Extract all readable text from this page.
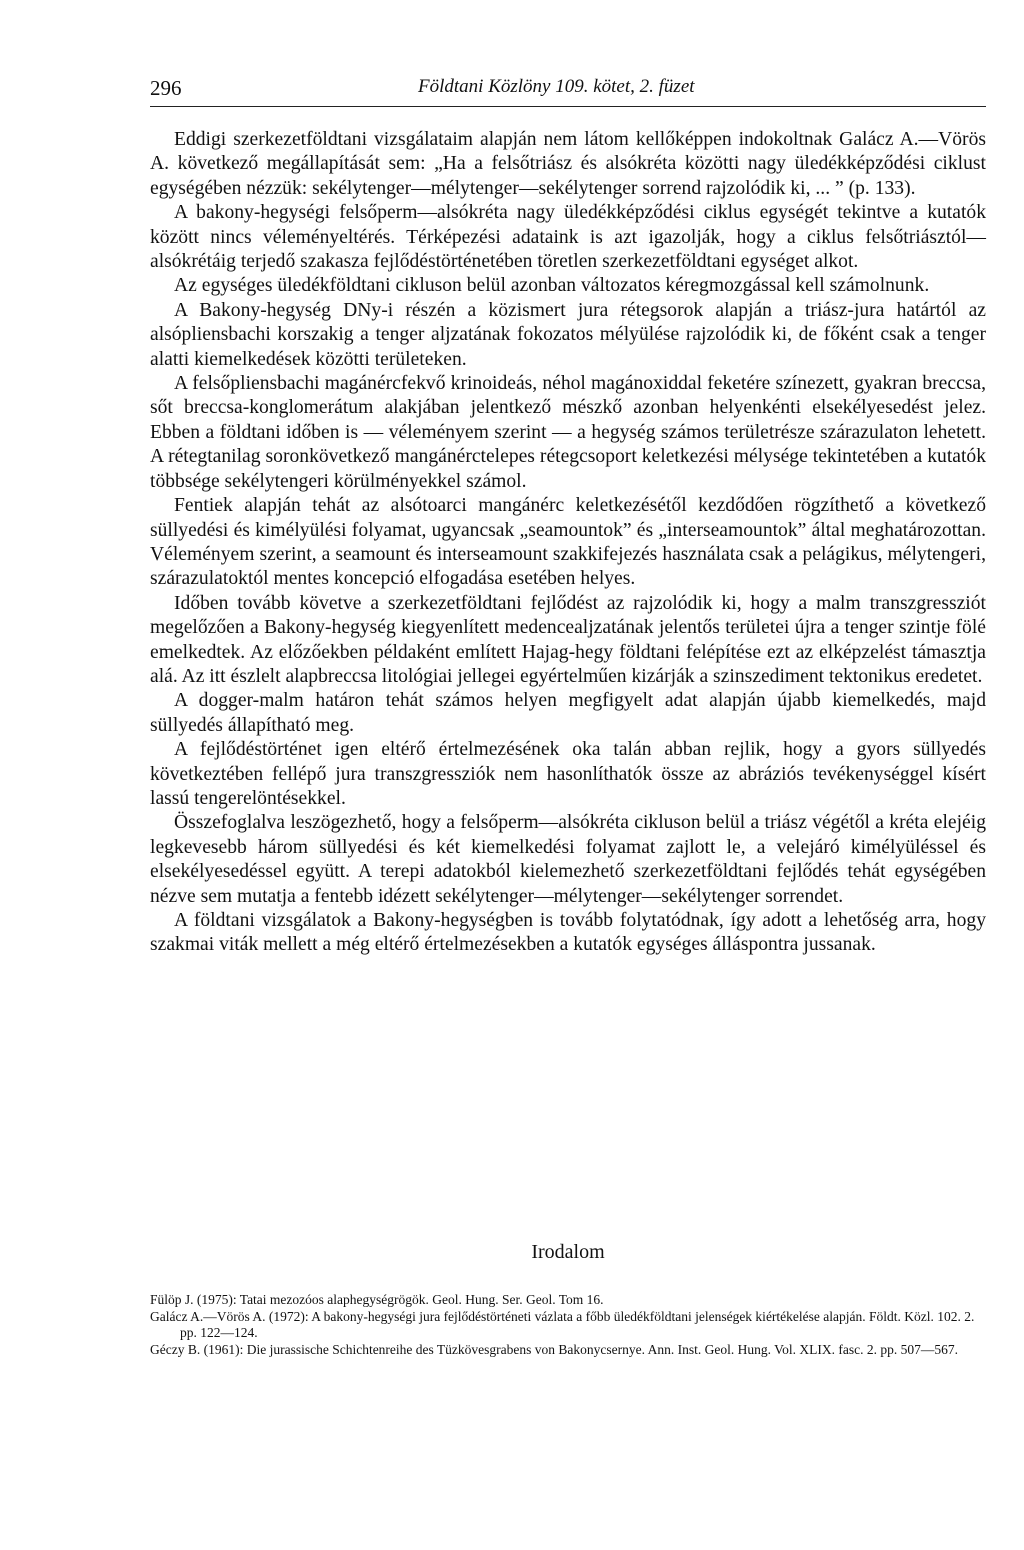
296	Földtani Közlöny 109. kötet, 2. füzet

Eddigi szerkezetföldtani vizsgálataim alapján nem látom kellőképpen indokoltnak Galácz A.—Vörös A. következő megállapítását sem: „Ha a felsőtriász és alsókréta közötti nagy üledékképződési ciklust egységében nézzük: sekélytenger—mélytenger—sekélytenger sorrend rajzolódik ki, ... ” (p. 133).

A bakony-hegységi felsőperm—alsókréta nagy üledékképződési ciklus egységét tekintve a kutatók között nincs véleményeltérés. Térképezési adataink is azt igazolják, hogy a ciklus felsőtriásztól—alsókrétáig terjedő szakasza fejlődéstörténetében töretlen szerkezetföldtani egységet alkot.

Az egységes üledékföldtani cikluson belül azonban változatos kéregmozgással kell számolnunk.

A Bakony-hegység DNy-i részén a közismert jura rétegsorok alapján a triász-jura határtól az alsópliensbachi korszakig a tenger aljzatának fokozatos mélyülése rajzolódik ki, de főként csak a tenger alatti kiemelkedések közötti területeken.

A felsőpliensbachi magánércfekvő krinoideás, néhol magánoxiddal feketére színezett, gyakran breccsa, sőt breccsa-konglomerátum alakjában jelentkező mészkő azonban helyenkénti elsekélyesedést jelez. Ebben a földtani időben is — véleményem szerint — a hegység számos területrésze szárazulaton lehetett. A rétegtanilag soronkövetkező mangánérctelepes rétegcsoport keletkezési mélysége tekintetében a kutatók többsége sekélytengeri körülményekkel számol.

Fentiek alapján tehát az alsótoarci mangánérc keletkezésétől kezdődően rögzíthető a következő süllyedési és kimélyülési folyamat, ugyancsak „seamountok” és „interseamountok” által meghatározottan. Véleményem szerint, a seamount és interseamount szakkifejezés használata csak a pelágikus, mélytengeri, szárazulatoktól mentes koncepció elfogadása esetében helyes.

Időben tovább követve a szerkezetföldtani fejlődést az rajzolódik ki, hogy a malm transzgressziót megelőzően a Bakony-hegység kiegyenlített medencealjzatának jelentős területei újra a tenger szintje fölé emelkedtek. Az előzőekben példaként említett Hajag-hegy földtani felépítése ezt az elképzelést támasztja alá. Az itt észlelt alapbreccsa litológiai jellegei egyértelműen kizárják a szinszediment tektonikus eredetet.

A dogger-malm határon tehát számos helyen megfigyelt adat alapján újabb kiemelkedés, majd süllyedés állapítható meg.

A fejlődéstörténet igen eltérő értelmezésének oka talán abban rejlik, hogy a gyors süllyedés következtében fellépő jura transzgressziók nem hasonlíthatók össze az abráziós tevékenységgel kísért lassú tengerelöntésekkel.

Összefoglalva leszögezhető, hogy a felsőperm—alsókréta cikluson belül a triász végétől a kréta elejéig legkevesebb három süllyedési és két kiemelkedési folyamat zajlott le, a velejáró kimélyüléssel és elsekélyesedéssel együtt. A terepi adatokból kielemezhető szerkezetföldtani fejlődés tehát egységében nézve sem mutatja a fentebb idézett sekélytenger—mélytenger—sekélytenger sorrendet.

A földtani vizsgálatok a Bakony-hegységben is tovább folytatódnak, így adott a lehetőség arra, hogy szakmai viták mellett a még eltérő értelmezésekben a kutatók egységes álláspontra jussanak.

Irodalom

Fülöp J. (1975): Tatai mezozóos alaphegységrögök. Geol. Hung. Ser. Geol. Tom 16.

Galácz A.—Vörös A. (1972): A bakony-hegységi jura fejlődéstörténeti vázlata a főbb üledékföldtani jelenségek kiértékelése alapján. Földt. Közl. 102. 2. pp. 122—124.

Géczy B. (1961): Die jurassische Schichtenreihe des Tüzkövesgrabens von Bakonycsernye. Ann. Inst. Geol. Hung. Vol. XLIX. fasc. 2. pp. 507—567.
